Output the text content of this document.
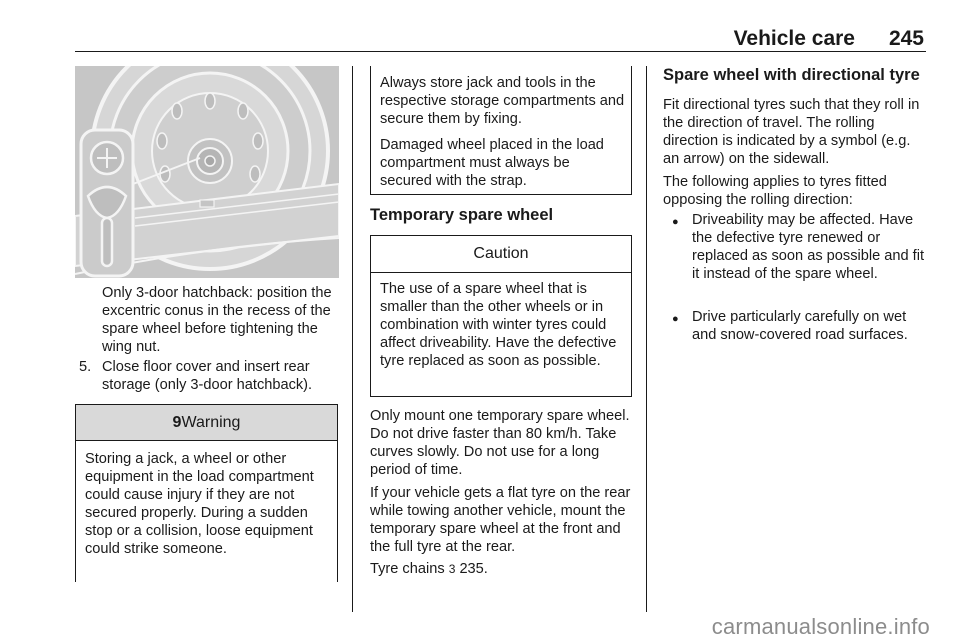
Vehicle care 245

Only 3-door hatchback: position the excentric conus in the recess of the spare wheel before tightening the wing nut.

5. Close floor cover and insert rear storage (only 3-door hatchback).

9Warning

Storing a jack, a wheel or other equipment in the load compartment could cause injury if they are not secured properly. During a sudden stop or a collision, loose equipment could strike someone.

Always store jack and tools in the respective storage compartments and secure them by fixing.

Damaged wheel placed in the load compartment must always be secured with the strap.

Temporary spare wheel
Caution

The use of a spare wheel that is smaller than the other wheels or in combination with winter tyres could affect driveability. Have the defective tyre replaced as soon as possible.

Only mount one temporary spare wheel. Do not drive faster than 80 km/h. Take curves slowly. Do not use for a long period of time.

If your vehicle gets a flat tyre on the rear while towing another vehicle, mount the temporary spare wheel at the front and the full tyre at the rear.

Tyre chains 3 235.

Spare wheel with directional tyre

Fit directional tyres such that they roll in the direction of travel. The rolling direction is indicated by a symbol (e.g. an arrow) on the sidewall.

The following applies to tyres fitted opposing the rolling direction:

● Driveability may be affected. Have the defective tyre renewed or replaced as soon as possible and fit it instead of the spare wheel.

● Drive particularly carefully on wet and snow-covered road surfaces.

carmanualsonline.info
